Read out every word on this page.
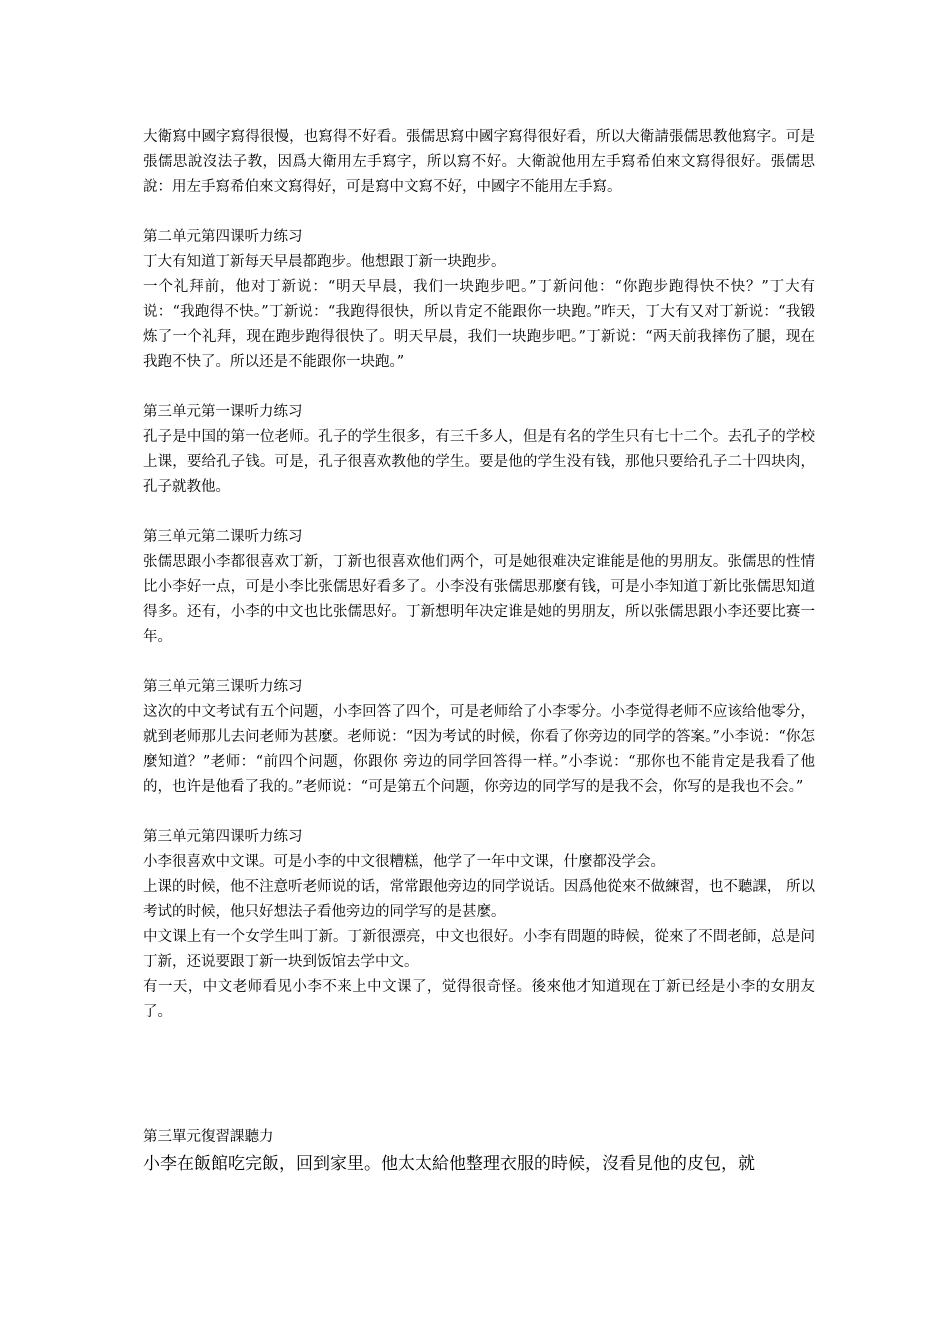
大衛寫中國字寫得很慢，也寫得不好看。張儒思寫中國字寫得很好看，所以大衛請張儒思教他寫字。可是張儒思說沒法子教，因爲大衛用左手寫字，所以寫不好。大衛說他用左手寫希伯來文寫得很好。張儒思說：用左手寫希伯來文寫得好，可是寫中文寫不好，中國字不能用左手寫。

第二单元第四课听力练习

丁大有知道丁新每天早晨都跑步。他想跟丁新一块跑步。

一个礼拜前，他对丁新说：“明天早晨，我们一块跑步吧。”丁新问他：“你跑步跑得快不快？”丁大有说：“我跑得不快。”丁新说：“我跑得很快，所以肯定不能跟你一块跑。”昨天，丁大有又对丁新说：“我锻炼了一个礼拜，现在跑步跑得很快了。明天早晨，我们一块跑步吧。”丁新说：“两天前我摔伤了腿，现在我跑不快了。所以还是不能跟你一块跑。”

第三单元第一课听力练习

孔子是中国的第一位老师。孔子的学生很多，有三千多人，但是有名的学生只有七十二个。去孔子的学校上课，要给孔子钱。可是，孔子很喜欢教他的学生。要是他的学生没有钱，那他只要给孔子二十四块肉，孔子就教他。

第三单元第二课听力练习

张儒思跟小李都很喜欢丁新，丁新也很喜欢他们两个，可是她很难决定谁能是他的男朋友。张儒思的性情比小李好一点，可是小李比张儒思好看多了。小李没有张儒思那麼有钱，可是小李知道丁新比张儒思知道得多。还有，小李的中文也比张儒思好。丁新想明年决定谁是她的男朋友，所以张儒思跟小李还要比赛一年。

第三单元第三课听力练习

这次的中文考试有五个问题，小李回答了四个，可是老师给了小李零分。小李觉得老师不应该给他零分，就到老师那儿去问老师为甚麼。老师说：“因为考试的时候，你看了你旁边的同学的答案。”小李说：“你怎麼知道？”老师：“前四个问题，你跟你 旁边的同学回答得一样。”小李说：“那你也不能肯定是我看了他的，也许是他看了我的。”老师说：“可是第五个问题，你旁边的同学写的是我不会，你写的是我也不会。”

第三单元第四课听力练习

小李很喜欢中文课。可是小李的中文很糟糕，他学了一年中文课，什麼都没学会。

上课的时候，他不注意听老师说的话，常常跟他旁边的同学说话。因爲他從來不做練習，也不聽課， 所以考试的时候，他只好想法子看他旁边的同学写的是甚麼。

中文课上有一个女学生叫丁新。丁新很漂亮，中文也很好。小李有問題的時候，從來了不問老師，总是问丁新，还说要跟丁新一块到饭馆去学中文。

有一天，中文老师看见小李不来上中文课了，觉得很奇怪。後來他才知道现在丁新已经是小李的女朋友了。

第三單元復習課聽力

小李在飯館吃完飯，回到家里。他太太給他整理衣服的時候，沒看見他的皮包，就
